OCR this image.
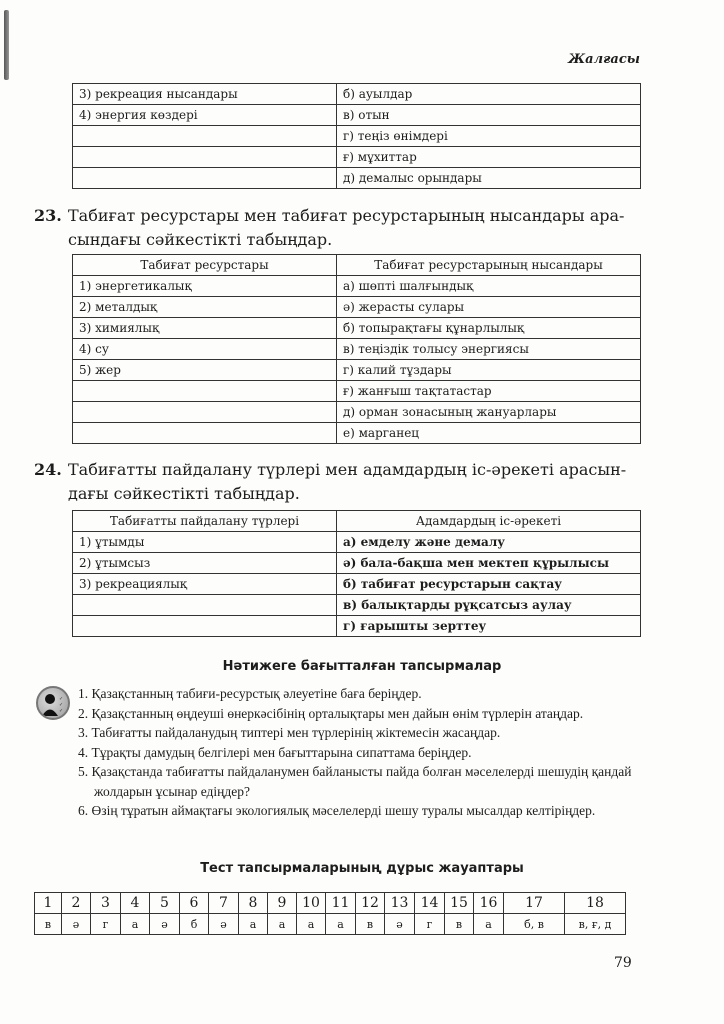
Жалғасы
3) рекреация нысандары	б) ауылдар
4) энергия көздері	в) отын
	г) теңіз өнімдері
	ғ) мұхиттар
	д) демалыс орындары
23. Табиғат ресурстары мен табиғат ресурстарының нысандары ара-
сындағы сәйкестікті табыңдар.
Табиғат ресурстары	Табиғат ресурстарының нысандары
1) энергетикалық	а) шөпті шалғындық
2) металдық	ә) жерасты сулары
3) химиялық	б) топырақтағы құнарлылық
4) су	в) теңіздік толысу энергиясы
5) жер	г) калий тұздары
	ғ) жанғыш тақтатастар
	д) орман зонасының жануарлары
	е) марганец
24. Табиғатты пайдалану түрлері мен адамдардың іс-әрекеті арасын-
дағы сәйкестікті табыңдар.
Табиғатты пайдалану түрлері	Адамдардың іс-әрекеті
1) ұтымды	а) емделу және демалу
2) ұтымсыз	ә) бала-бақша мен мектеп құрылысы
3) рекреациялық	б) табиғат ресурстарын сақтау
	в) балықтарды рұқсатсыз аулау
	г) ғарышты зерттеу
Нәтижеге бағытталған тапсырмалар
✓
✓
✓
1. Қазақстанның табиғи-ресурстық әлеуетіне баға беріңдер.
2. Қазақстанның өңдеуші өнеркәсібінің орталықтары мен дайын өнім түрлерін атаңдар.
3. Табиғатты пайдаланудың типтері мен түрлерінің жіктемесін жасаңдар.
4. Тұрақты дамудың белгілері мен бағыттарына сипаттама беріңдер.
5. Қазақстанда табиғатты пайдаланумен байланысты пайда болған мәселелерді шешудің қандай жолдарын ұсынар едіңдер?
6. Өзің тұратын аймақтағы экологиялық мәселелерді шешу туралы мысалдар келтіріңдер.
Тест тапсырмаларының дұрыс жауаптары
1	2	3	4	5	6	7	8	9	10	11	12	13	14	15	16	17	18
в	ә	г	а	ә	б	ә	а	а	а	а	в	ә	г	в	а	б, в	в, ғ, д
79
